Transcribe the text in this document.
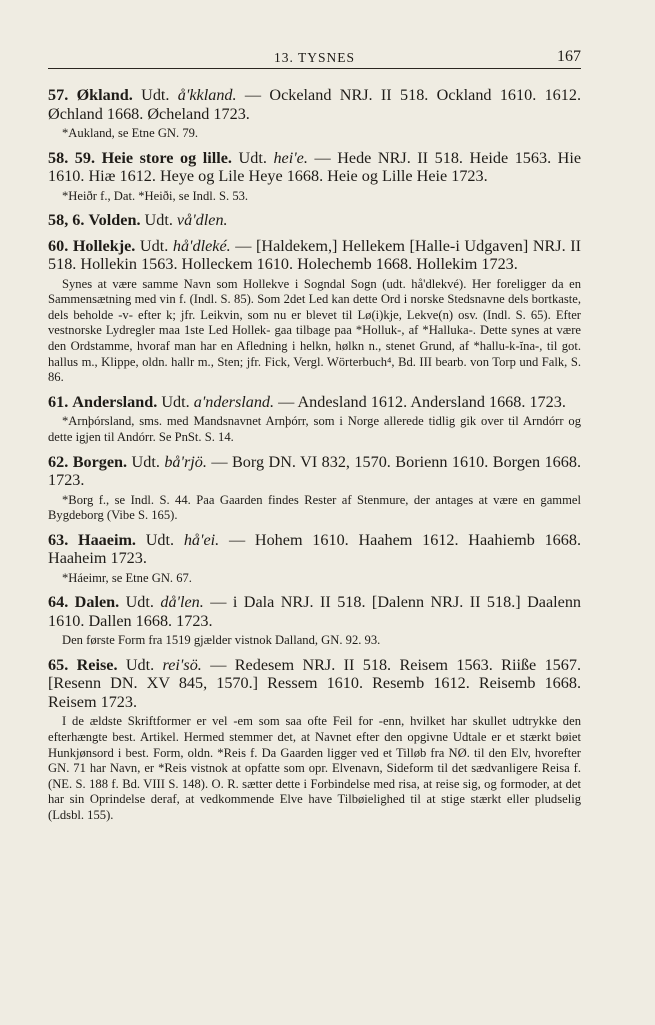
13. TYSNES	167

57. Økland. Udt. å'kkland. — Ockeland NRJ. II 518. Ockland 1610. 1612. Øchland 1668. Øcheland 1723.

*Aukland, se Etne GN. 79.

58. 59. Heie store og lille. Udt. hei'e. — Hede NRJ. II 518. Heide 1563. Hie 1610. Hiæ 1612. Heye og Lile Heye 1668. Heie og Lille Heie 1723.

*Heiðr f., Dat. *Heiði, se Indl. S. 53.

58, 6. Volden. Udt. vå'dlen.

60. Hollekje. Udt. hå'dleké. — [Haldekem,] Hellekem [Halle-i Udgaven] NRJ. II 518. Hollekin 1563. Holleckem 1610. Holechemb 1668. Hollekim 1723.

Synes at være samme Navn som Hollekve i Sogndal Sogn (udt. hå'dlekvé). Her foreligger da en Sammensætning med vin f. (Indl. S. 85). Som 2det Led kan dette Ord i norske Stedsnavne dels bortkaste, dels beholde -v- efter k; jfr. Leikvin, som nu er blevet til Lø(i)kje, Lekve(n) osv. (Indl. S. 65). Efter vestnorske Lydregler maa 1ste Led Hollek- gaa tilbage paa *Holluk-, af *Halluka-. Dette synes at være den Ordstamme, hvoraf man har en Afledning i helkn, hølkn n., stenet Grund, af *hallu-k-ĭna-, til got. hallus m., Klippe, oldn. hallr m., Sten; jfr. Fick, Vergl. Wörterbuch⁴, Bd. III bearb. von Torp und Falk, S. 86.

61. Andersland. Udt. a'ndersland. — Andesland 1612. Andersland 1668. 1723.

*Arnþórsland, sms. med Mandsnavnet Arnþórr, som i Norge allerede tidlig gik over til Arndórr og dette igjen til Andórr. Se PnSt. S. 14.

62. Borgen. Udt. bå'rjö. — Borg DN. VI 832, 1570. Borienn 1610. Borgen 1668. 1723.

*Borg f., se Indl. S. 44. Paa Gaarden findes Rester af Stenmure, der antages at være en gammel Bygdeborg (Vibe S. 165).

63. Haaeim. Udt. hå'ei. — Hohem 1610. Haahem 1612. Haahiemb 1668. Haaheim 1723.

*Háeimr, se Etne GN. 67.

64. Dalen. Udt. då'len. — i Dala NRJ. II 518. [Dalenn NRJ. II 518.] Daalenn 1610. Dallen 1668. 1723.

Den første Form fra 1519 gjælder vistnok Dalland, GN. 92. 93.

65. Reise. Udt. rei'sö. — Redesem NRJ. II 518. Reisem 1563. Riiße 1567. [Resenn DN. XV 845, 1570.] Ressem 1610. Resemb 1612. Reisemb 1668. Reisem 1723.

I de ældste Skriftformer er vel -em som saa ofte Feil for -enn, hvilket har skullet udtrykke den efterhængte best. Artikel. Hermed stemmer det, at Navnet efter den opgivne Udtale er et stærkt bøiet Hunkjønsord i best. Form, oldn. *Reis f. Da Gaarden ligger ved et Tilløb fra NØ. til den Elv, hvorefter GN. 71 har Navn, er *Reis vistnok at opfatte som opr. Elvenavn, Sideform til det sædvanligere Reisa f. (NE. S. 188 f. Bd. VIII S. 148). O. R. sætter dette i Forbindelse med risa, at reise sig, og formoder, at det har sin Oprindelse deraf, at vedkommende Elve have Tilbøielighed til at stige stærkt eller pludselig (Ldsbl. 155).
